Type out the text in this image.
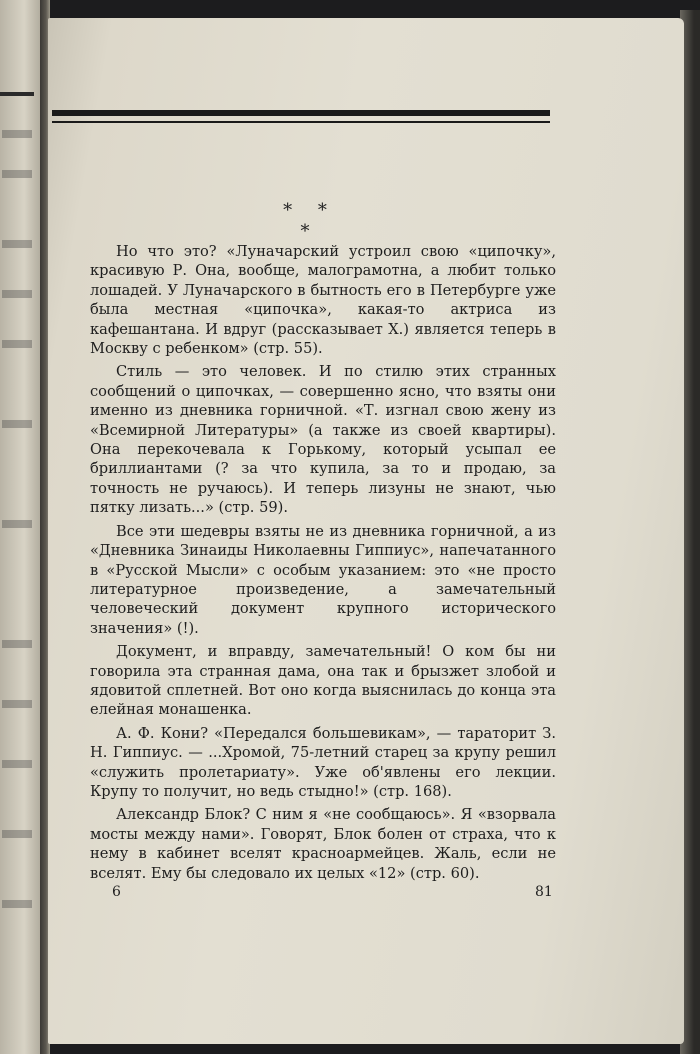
* * *

Но что это? «Луначарский устроил свою «ципочку», красивую Р. Она, вообще, малограмотна, а любит только лошадей. У Луначарского в бытность его в Петербурге уже была местная «ципочка», какая-то актриса из кафешантана. И вдруг (рассказывает Х.) является теперь в Москву с ребенком» (стр. 55).

Стиль — это человек. И по стилю этих странных сообщений о ципочках, — совершенно ясно, что взяты они именно из дневника горничной. «Т. изгнал свою жену из «Всемирной Литературы» (а также из своей квартиры). Она перекочевала к Горькому, который усыпал ее бриллиантами (? за что купила, за то и продаю, за точность не ручаюсь). И теперь лизуны не знают, чью пятку лизать...» (стр. 59).

Все эти шедевры взяты не из дневника горничной, а из «Дневника Зинаиды Николаевны Гиппиус», напечатанного в «Русской Мысли» с особым указанием: это «не просто литературное произведение, а замечательный человеческий документ крупного исторического значения» (!).

Документ, и вправду, замечательный! О ком бы ни говорила эта странная дама, она так и брызжет злобой и ядовитой сплетней. Вот оно когда выяснилась до конца эта елейная монашенка.

А. Ф. Кони? «Передался большевикам», — тараторит З. Н. Гиппиус. — ...Хромой, 75-летний старец за крупу решил «служить пролетариату». Уже об'явлены его лекции. Крупу то получит, но ведь стыдно!» (стр. 168).

Александр Блок? С ним я «не сообщаюсь». Я «взорвала мосты между нами». Говорят, Блок болен от страха, что к нему в кабинет вселят красноармейцев. Жаль, если не вселят. Ему бы следовало их целых «12» (стр. 60).

6	81
